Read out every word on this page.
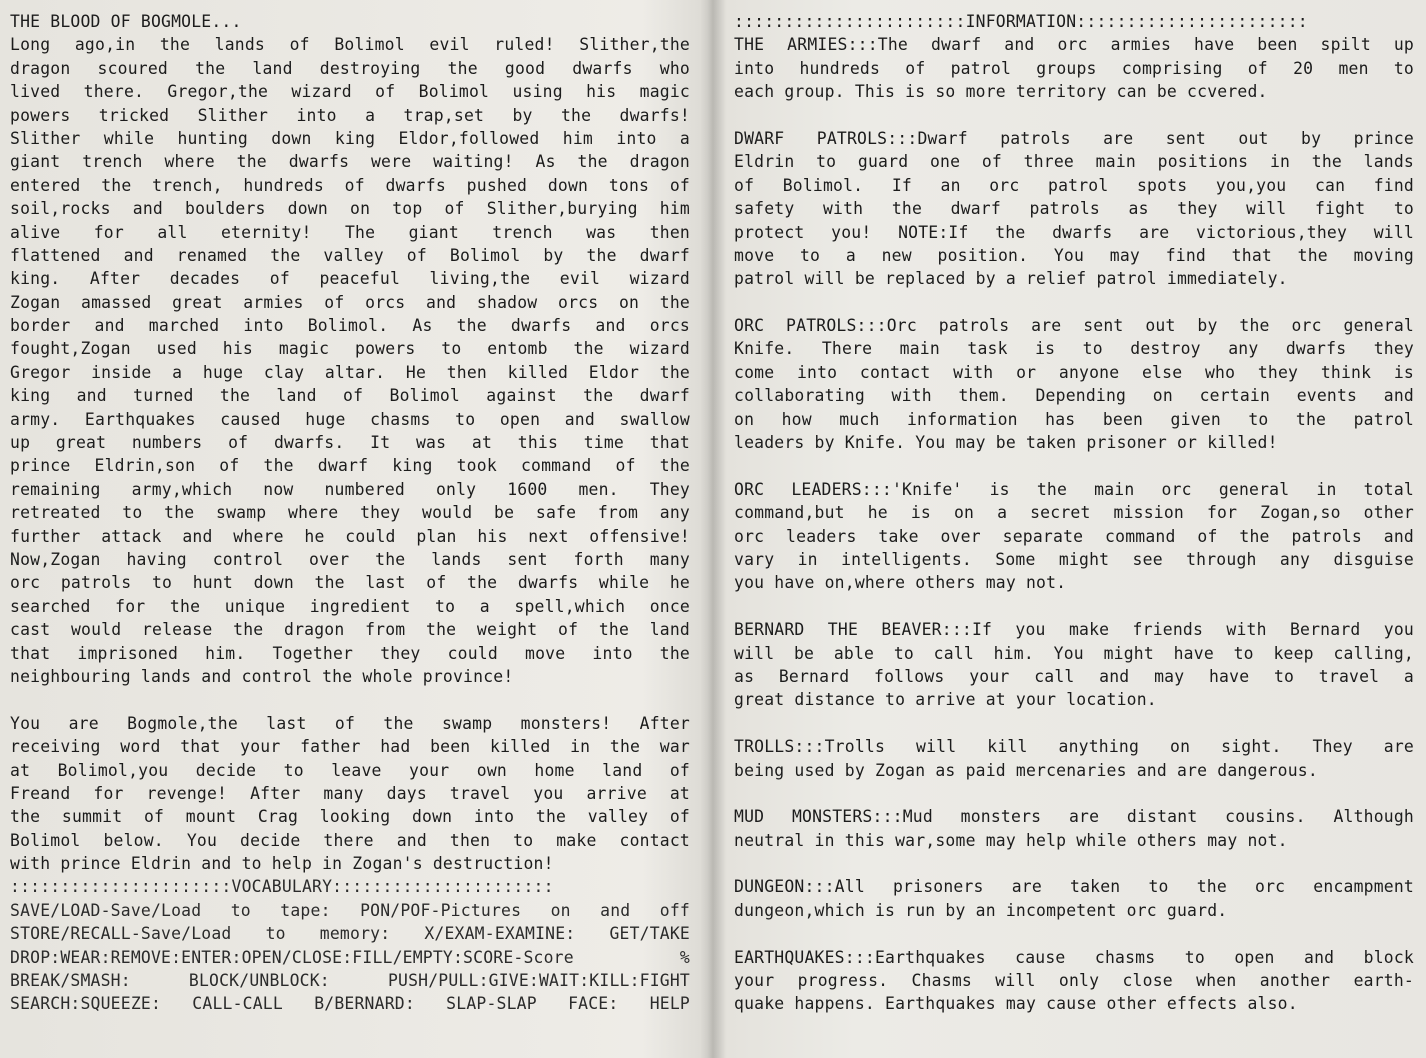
THE BLOOD OF BOGMOLE...
Long ago,in the lands of Bolimol evil ruled! Slither,the
dragon scoured the land destroying the good dwarfs who
lived there. Gregor,the wizard of Bolimol using his magic
powers tricked Slither into a trap,set by the dwarfs!
Slither while hunting down king Eldor,followed him into a
giant trench where the dwarfs were waiting! As the dragon
entered the trench, hundreds of dwarfs pushed down tons of
soil,rocks and boulders down on top of Slither,burying him
alive for all eternity! The giant trench was then
flattened and renamed the valley of Bolimol by the dwarf
king. After decades of peaceful living,the evil wizard
Zogan amassed great armies of orcs and shadow orcs on the
border and marched into Bolimol. As the dwarfs and orcs
fought,Zogan used his magic powers to entomb the wizard
Gregor inside a huge clay altar. He then killed Eldor the
king and turned the land of Bolimol against the dwarf
army. Earthquakes caused huge chasms to open and swallow
up great numbers of dwarfs. It was at this time that
prince Eldrin,son of the dwarf king took command of the
remaining army,which now numbered only 1600 men. They
retreated to the swamp where they would be safe from any
further attack and where he could plan his next offensive!
Now,Zogan having control over the lands sent forth many
orc patrols to hunt down the last of the dwarfs while he
searched for the unique ingredient to a spell,which once
cast would release the dragon from the weight of the land
that imprisoned him. Together they could move into the
neighbouring lands and control the whole province!
You are Bogmole,the last of the swamp monsters! After
receiving word that your father had been killed in the war
at Bolimol,you decide to leave your own home land of
Freand for revenge! After many days travel you arrive at
the summit of mount Crag looking down into the valley of
Bolimol below. You decide there and then to make contact
with prince Eldrin and to help in Zogan's destruction!
::::::::::::::::::::::VOCABULARY::::::::::::::::::::::
SAVE/LOAD-Save/Load to tape: PON/POF-Pictures on and off
STORE/RECALL-Save/Load to memory: X/EXAM-EXAMINE: GET/TAKE
DROP:WEAR:REMOVE:ENTER:OPEN/CLOSE:FILL/EMPTY:SCORE-Score %
BREAK/SMASH: BLOCK/UNBLOCK: PUSH/PULL:GIVE:WAIT:KILL:FIGHT
SEARCH:SQUEEZE: CALL-CALL B/BERNARD: SLAP-SLAP FACE: HELP
:::::::::::::::::::::::INFORMATION:::::::::::::::::::::::
THE ARMIES:::The dwarf and orc armies have been spilt up
into hundreds of patrol groups comprising of 20 men to
each group. This is so more territory can be ccvered.
DWARF PATROLS:::Dwarf patrols are sent out by prince
Eldrin to guard one of three main positions in the lands
of Bolimol. If an orc patrol spots you,you can find
safety with the dwarf patrols as they will fight to
protect you! NOTE:If the dwarfs are victorious,they will
move to a new position. You may find that the moving
patrol will be replaced by a relief patrol immediately.
ORC PATROLS:::Orc patrols are sent out by the orc general
Knife. There main task is to destroy any dwarfs they
come into contact with or anyone else who they think is
collaborating with them. Depending on certain events and
on how much information has been given to the patrol
leaders by Knife. You may be taken prisoner or killed!
ORC LEADERS:::'Knife' is the main orc general in total
command,but he is on a secret mission for Zogan,so other
orc leaders take over separate command of the patrols and
vary in intelligents. Some might see through any disguise
you have on,where others may not.
BERNARD THE BEAVER:::If you make friends with Bernard you
will be able to call him. You might have to keep calling,
as Bernard follows your call and may have to travel a
great distance to arrive at your location.
TROLLS:::Trolls will kill anything on sight. They are
being used by Zogan as paid mercenaries and are dangerous.
MUD MONSTERS:::Mud monsters are distant cousins. Although
neutral in this war,some may help while others may not.
DUNGEON:::All prisoners are taken to the orc encampment
dungeon,which is run by an incompetent orc guard.
EARTHQUAKES:::Earthquakes cause chasms to open and block
your progress. Chasms will only close when another earth-
quake happens. Earthquakes may cause other effects also.
